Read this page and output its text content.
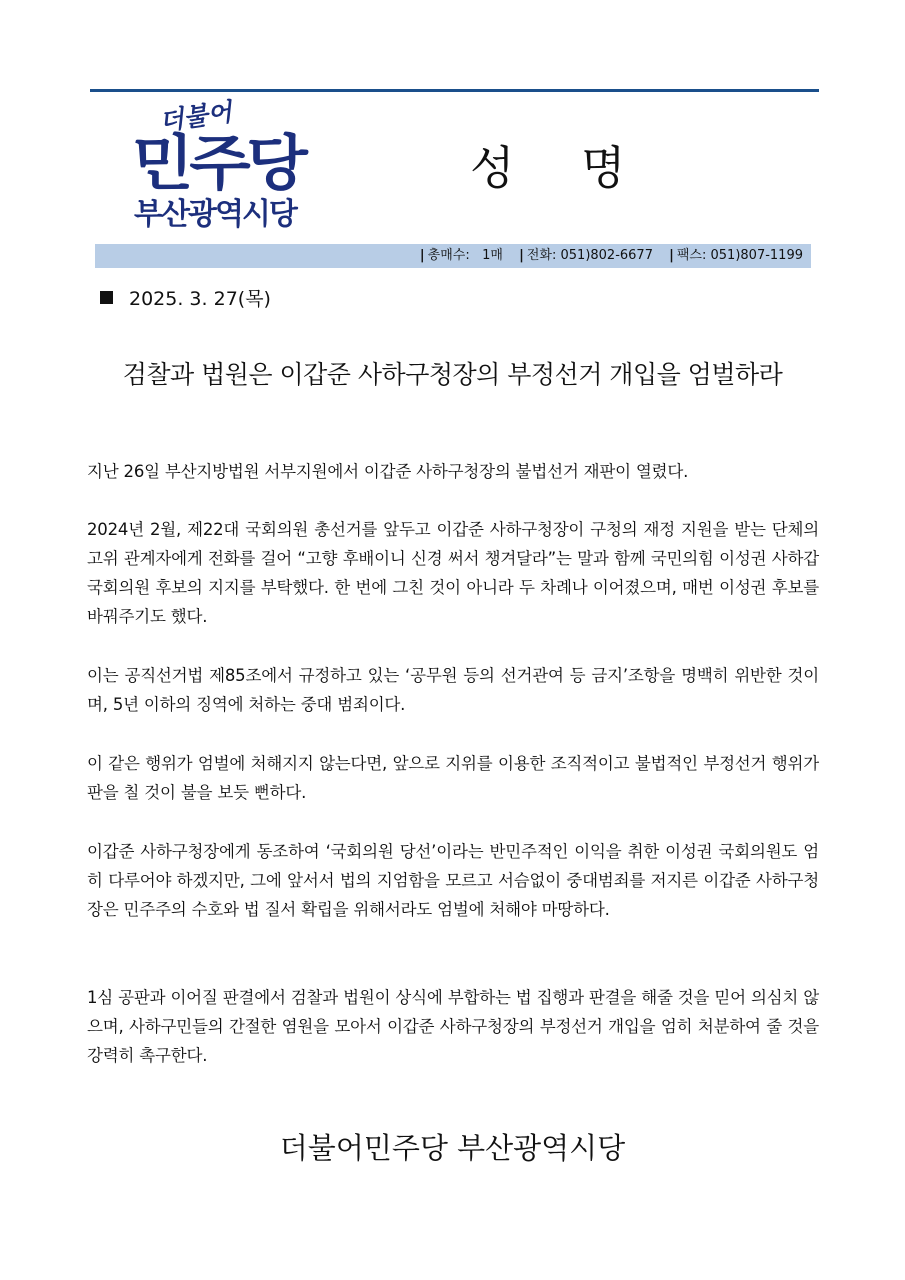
더불어
민주당
부산광역시당
성 명
| 총매수: 1매 | 전화: 051)802-6677 | 팩스: 051)807-1199
2025. 3. 27(목)
검찰과 법원은 이갑준 사하구청장의 부정선거 개입을 엄벌하라

지난 26일 부산지방법원 서부지원에서 이갑준 사하구청장의 불법선거 재판이 열렸다.

2024년 2월, 제22대 국회의원 총선거를 앞두고 이갑준 사하구청장이 구청의 재정 지원을 받는 단체의 고위 관계자에게 전화를 걸어 “고향 후배이니 신경 써서 챙겨달라”는 말과 함께 국민의힘 이성권 사하갑 국회의원 후보의 지지를 부탁했다. 한 번에 그친 것이 아니라 두 차례나 이어졌으며, 매번 이성권 후보를 바꿔주기도 했다.

이는 공직선거법 제85조에서 규정하고 있는 ‘공무원 등의 선거관여 등 금지’조항을 명백히 위반한 것이며, 5년 이하의 징역에 처하는 중대 범죄이다.

이 같은 행위가 엄벌에 처해지지 않는다면, 앞으로 지위를 이용한 조직적이고 불법적인 부정선거 행위가 판을 칠 것이 불을 보듯 뻔하다.

이갑준 사하구청장에게 동조하여 ‘국회의원 당선’이라는 반민주적인 이익을 취한 이성권 국회의원도 엄히 다루어야 하겠지만, 그에 앞서서 법의 지엄함을 모르고 서슴없이 중대범죄를 저지른 이갑준 사하구청장은 민주주의 수호와 법 질서 확립을 위해서라도 엄벌에 처해야 마땅하다.

1심 공판과 이어질 판결에서 검찰과 법원이 상식에 부합하는 법 집행과 판결을 해줄 것을 믿어 의심치 않으며, 사하구민들의 간절한 염원을 모아서 이갑준 사하구청장의 부정선거 개입을 엄히 처분하여 줄 것을 강력히 촉구한다.

더불어민주당 부산광역시당
